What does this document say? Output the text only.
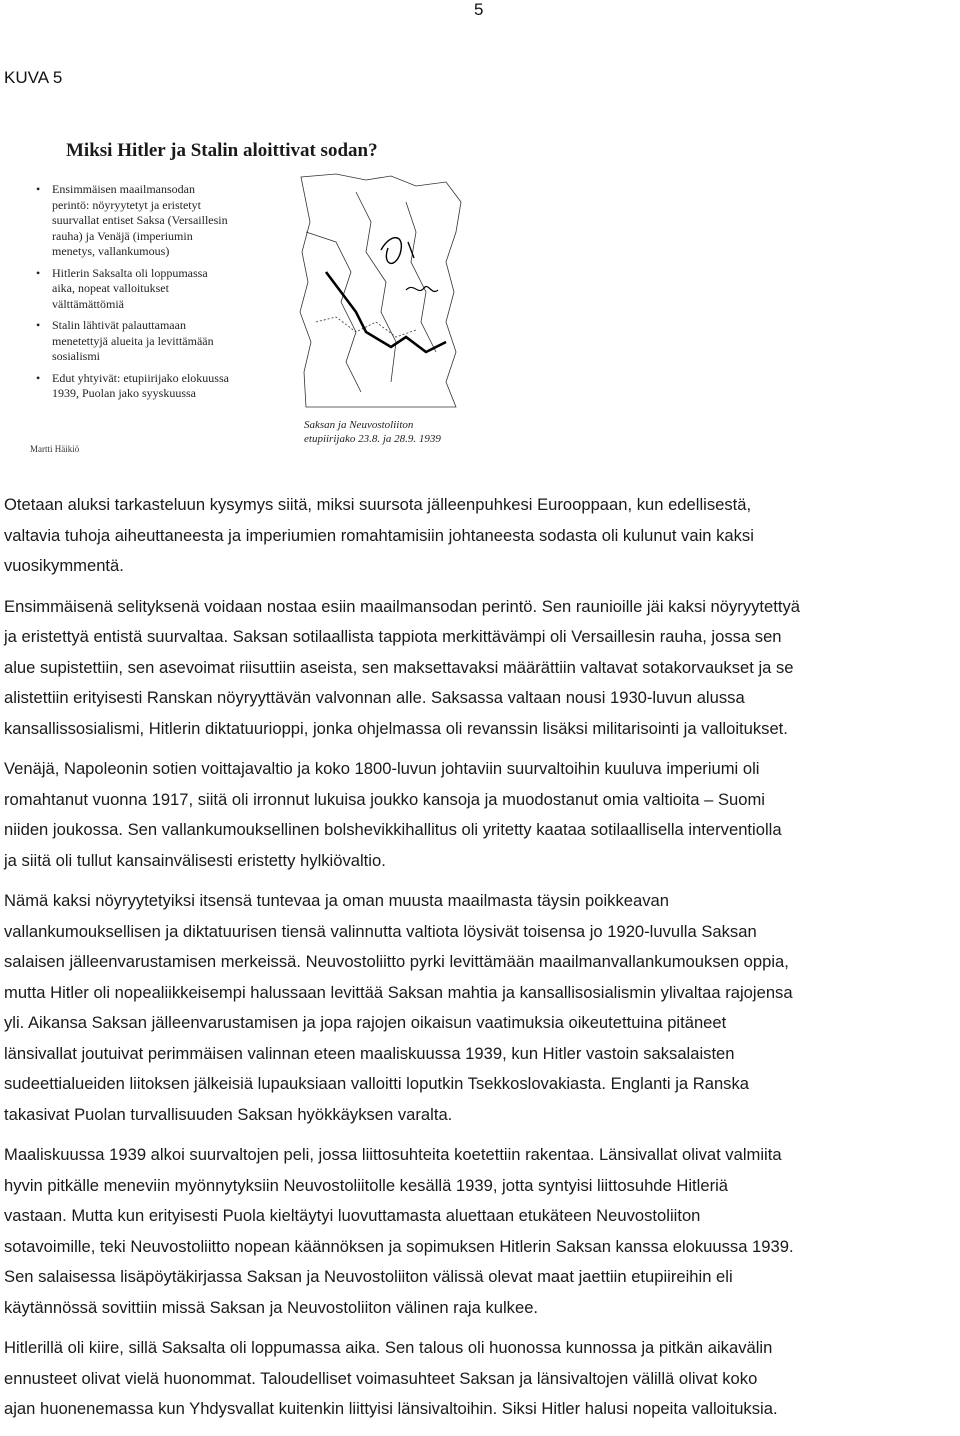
5
KUVA 5
Miksi Hitler ja Stalin aloittivat sodan?
• Ensimmäisen maailmansodan
perintö: nöyryytetyt ja eristetyt
suurvallat entiset Saksa (Versaillesin
rauha) ja Venäjä (imperiumin
menetys, vallankumous)
• Hitlerin Saksalta oli loppumassa
aika, nopeat valloitukset
välttämättömiä
• Stalin lähtivät palauttamaan
menetettyjä alueita ja levittämään
sosialismi
• Edut yhtyivät: etupiirijako elokuussa
1939, Puolan jako syyskuussa
Saksan ja Neuvostoliiton
etupiirijako 23.8. ja 28.9. 1939
Martti Häikiö

Otetaan aluksi tarkasteluun kysymys siitä, miksi suursota jälleenpuhkesi Eurooppaan, kun edellisestä,
valtavia tuhoja aiheuttaneesta ja imperiumien romahtamisiin johtaneesta sodasta oli kulunut vain kaksi
vuosikymmentä.

Ensimmäisenä selityksenä voidaan nostaa esiin maailmansodan perintö. Sen raunioille jäi kaksi nöyryytettyä
ja eristettyä entistä suurvaltaa. Saksan sotilaallista tappiota merkittävämpi oli Versaillesin rauha, jossa sen
alue supistettiin, sen asevoimat riisuttiin aseista, sen maksettavaksi määrättiin valtavat sotakorvaukset ja se
alistettiin erityisesti Ranskan nöyryyttävän valvonnan alle. Saksassa valtaan nousi 1930-luvun alussa
kansallissosialismi, Hitlerin diktatuurioppi, jonka ohjelmassa oli revanssin lisäksi militarisointi ja valloitukset.

Venäjä, Napoleonin sotien voittajavaltio ja koko 1800-luvun johtaviin suurvaltoihin kuuluva imperiumi oli
romahtanut vuonna 1917, siitä oli irronnut lukuisa joukko kansoja ja muodostanut omia valtioita – Suomi
niiden joukossa. Sen vallankumouksellinen bolshevikkihallitus oli yritetty kaataa sotilaallisella interventiolla
ja siitä oli tullut kansainvälisesti eristetty hylkiövaltio.

Nämä kaksi nöyryytetyiksi itsensä tuntevaa ja oman muusta maailmasta täysin poikkeavan
vallankumouksellisen ja diktatuurisen tiensä valinnutta valtiota löysivät toisensa jo 1920-luvulla Saksan
salaisen jälleenvarustamisen merkeissä. Neuvostoliitto pyrki levittämään maailmanvallankumouksen oppia,
mutta Hitler oli nopealiikkeisempi halussaan levittää Saksan mahtia ja kansallisosialismin ylivaltaa rajojensa
yli. Aikansa Saksan jälleenvarustamisen ja jopa rajojen oikaisun vaatimuksia oikeutettuina pitäneet
länsivallat joutuivat perimmäisen valinnan eteen maaliskuussa 1939, kun Hitler vastoin saksalaisten
sudeettialueiden liitoksen jälkeisiä lupauksiaan valloitti loputkin Tsekkoslovakiasta. Englanti ja Ranska
takasivat Puolan turvallisuuden Saksan hyökkäyksen varalta.

Maaliskuussa 1939 alkoi suurvaltojen peli, jossa liittosuhteita koetettiin rakentaa. Länsivallat olivat valmiita
hyvin pitkälle meneviin myönnytyksiin Neuvostoliitolle kesällä 1939, jotta syntyisi liittosuhde Hitleriä
vastaan. Mutta kun erityisesti Puola kieltäytyi luovuttamasta aluettaan etukäteen Neuvostoliiton
sotavoimille, teki Neuvostoliitto nopean käännöksen ja sopimuksen Hitlerin Saksan kanssa elokuussa 1939.
Sen salaisessa lisäpöytäkirjassa Saksan ja Neuvostoliiton välissä olevat maat jaettiin etupiireihin eli
käytännössä sovittiin missä Saksan ja Neuvostoliiton välinen raja kulkee.

Hitlerillä oli kiire, sillä Saksalta oli loppumassa aika. Sen talous oli huonossa kunnossa ja pitkän aikavälin
ennusteet olivat vielä huonommat. Taloudelliset voimasuhteet Saksan ja länsivaltojen välillä olivat koko
ajan huonenemassa kun Yhdysvallat kuitenkin liittyisi länsivaltoihin. Siksi Hitler halusi nopeita valloituksia.
